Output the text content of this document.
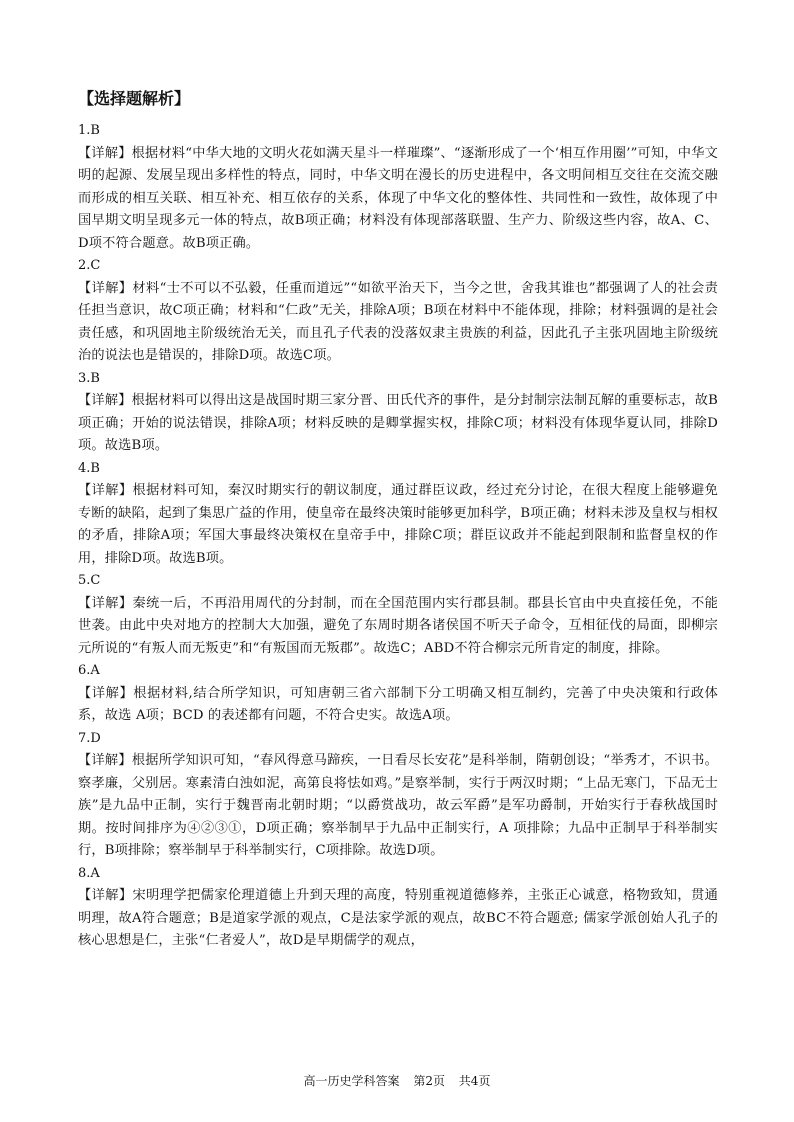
【选择题解析】

1.B

【详解】根据材料“中华大地的文明火花如满天星斗一样璀璨”、“逐渐形成了一个‘相互作用圈’”可知，中华文明的起源、发展呈现出多样性的特点，同时，中华文明在漫长的历史进程中，各文明间相互交往在交流交融而形成的相互关联、相互补充、相互依存的关系，体现了中华文化的整体性、共同性和一致性，故体现了中国早期文明呈现多元一体的特点，故B项正确；材料没有体现部落联盟、生产力、阶级这些内容，故A、C、D项不符合题意。故B项正确。

2.C

【详解】材料“士不可以不弘毅，任重而道远”“如欲平治天下，当今之世，舍我其谁也”都强调了人的社会责任担当意识，故C项正确；材料和“仁政”无关，排除A项；B项在材料中不能体现，排除；材料强调的是社会责任感，和巩固地主阶级统治无关，而且孔子代表的没落奴隶主贵族的利益，因此孔子主张巩固地主阶级统治的说法也是错误的，排除D项。故选C项。

3.B

【详解】根据材料可以得出这是战国时期三家分晋、田氏代齐的事件，是分封制宗法制瓦解的重要标志，故B项正确；开始的说法错误，排除A项；材料反映的是卿掌握实权，排除C项；材料没有体现华夏认同，排除D项。故选B项。

4.B

【详解】根据材料可知，秦汉时期实行的朝议制度，通过群臣议政，经过充分讨论，在很大程度上能够避免专断的缺陷，起到了集思广益的作用，使皇帝在最终决策时能够更加科学，B项正确；材料未涉及皇权与相权的矛盾，排除A项；军国大事最终决策权在皇帝手中，排除C项；群臣议政并不能起到限制和监督皇权的作用，排除D项。故选B项。

5.C

【详解】秦统一后，不再沿用周代的分封制，而在全国范围内实行郡县制。郡县长官由中央直接任免，不能世袭。由此中央对地方的控制大大加强，避免了东周时期各诸侯国不听天子命令，互相征伐的局面，即柳宗元所说的“有叛人而无叛吏”和“有叛国而无叛郡”。故选C；ABD不符合柳宗元所肯定的制度，排除。

6.A

【详解】根据材料,结合所学知识，可知唐朝三省六部制下分工明确又相互制约，完善了中央决策和行政体系，故选 A项；BCD 的表述都有问题，不符合史实。故选A项。

7.D

【详解】根据所学知识可知，“春风得意马蹄疾，一日看尽长安花”是科举制，隋朝创设；“举秀才，不识书。察孝廉，父别居。寒素清白浊如泥，高第良将怯如鸡。”是察举制，实行于两汉时期；“上品无寒门，下品无士族”是九品中正制，实行于魏晋南北朝时期；“以爵赏战功，故云军爵”是军功爵制，开始实行于春秋战国时期。按时间排序为④②③①，D项正确；察举制早于九品中正制实行，A 项排除；九品中正制早于科举制实行，B项排除；察举制早于科举制实行，C项排除。故选D项。

8.A

【详解】宋明理学把儒家伦理道德上升到天理的高度，特别重视道德修养，主张正心诚意，格物致知，贯通明理，故A符合题意；B是道家学派的观点，C是法家学派的观点，故BC不符合题意; 儒家学派创始人孔子的核心思想是仁，主张“仁者爱人”，故D是早期儒学的观点，

高一历史学科答案 第2页 共4页
